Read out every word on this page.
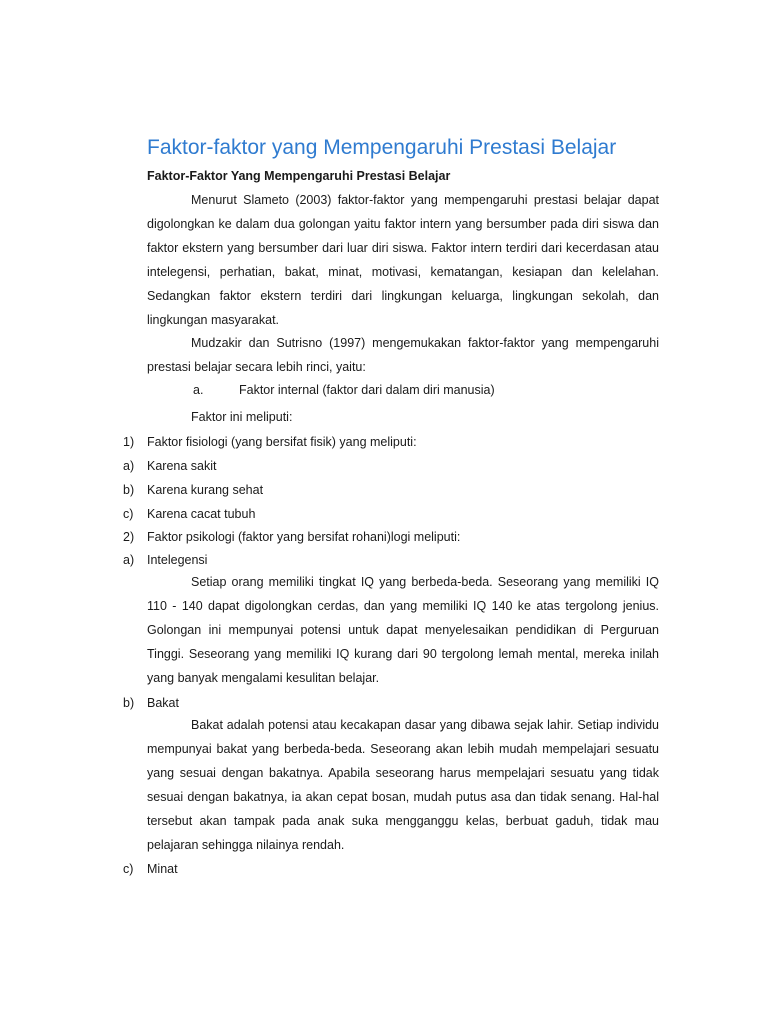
Faktor-faktor yang Mempengaruhi Prestasi Belajar
Faktor-Faktor Yang Mempengaruhi Prestasi Belajar

Menurut Slameto (2003) faktor-faktor yang mempengaruhi prestasi belajar dapat digolongkan ke dalam dua golongan yaitu faktor intern yang bersumber pada diri siswa dan faktor ekstern yang bersumber dari luar diri siswa. Faktor intern terdiri dari kecerdasan atau intelegensi, perhatian, bakat, minat, motivasi, kematangan, kesiapan dan kelelahan. Sedangkan faktor ekstern terdiri dari lingkungan keluarga, lingkungan sekolah, dan lingkungan masyarakat.

Mudzakir dan Sutrisno (1997) mengemukakan faktor-faktor yang mempengaruhi prestasi belajar secara lebih rinci, yaitu:

a.	Faktor internal (faktor dari dalam diri manusia)
Faktor ini meliputi:
1) Faktor fisiologi (yang bersifat fisik) yang meliputi:
a) Karena sakit
b) Karena kurang sehat
c) Karena cacat tubuh
2) Faktor psikologi (faktor yang bersifat rohani)logi meliputi:
a) Intelegensi

Setiap orang memiliki tingkat IQ yang berbeda-beda. Seseorang yang memiliki IQ 110 - 140 dapat digolongkan cerdas, dan yang memiliki IQ 140 ke atas tergolong jenius. Golongan ini mempunyai potensi untuk dapat menyelesaikan pendidikan di Perguruan Tinggi. Seseorang yang memiliki IQ kurang dari 90 tergolong lemah mental, mereka inilah yang banyak mengalami kesulitan belajar.

b) Bakat

Bakat adalah potensi atau kecakapan dasar yang dibawa sejak lahir. Setiap individu mempunyai bakat yang berbeda-beda. Seseorang akan lebih mudah mempelajari sesuatu yang sesuai dengan bakatnya. Apabila seseorang harus mempelajari sesuatu yang tidak sesuai dengan bakatnya, ia akan cepat bosan, mudah putus asa dan tidak senang. Hal-hal tersebut akan tampak pada anak suka mengganggu kelas, berbuat gaduh, tidak mau pelajaran sehingga nilainya rendah.

c) Minat
